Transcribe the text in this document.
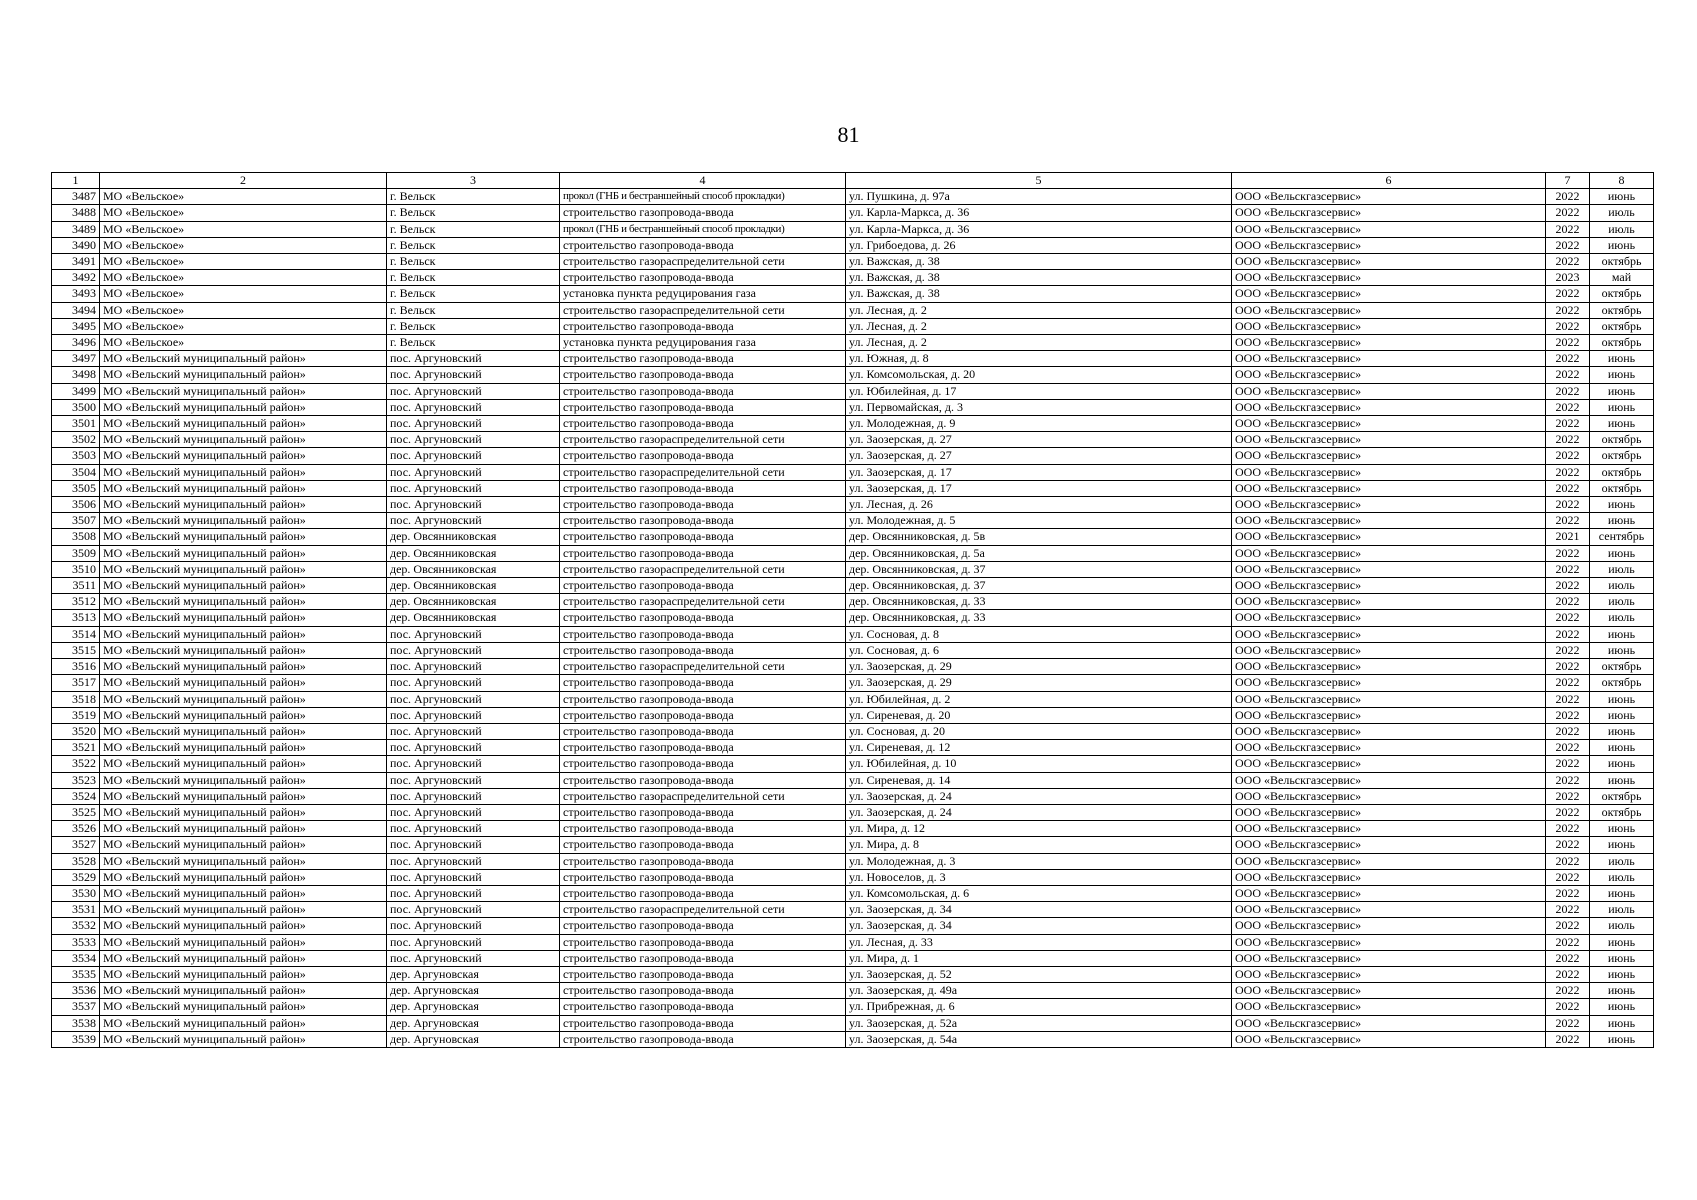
81
1	2	3	4	5	6	7	8
3487	МО «Вельское»	г. Вельск	прокол (ГНБ и бестраншейный способ прокладки)	ул. Пушкина, д. 97а	ООО «Вельскгазсервис»	2022	июнь
3488	МО «Вельское»	г. Вельск	строительство газопровода-ввода	ул. Карла-Маркса, д. 36	ООО «Вельскгазсервис»	2022	июль
3489	МО «Вельское»	г. Вельск	прокол (ГНБ и бестраншейный способ прокладки)	ул. Карла-Маркса, д. 36	ООО «Вельскгазсервис»	2022	июль
3490	МО «Вельское»	г. Вельск	строительство газопровода-ввода	ул. Грибоедова, д. 26	ООО «Вельскгазсервис»	2022	июнь
3491	МО «Вельское»	г. Вельск	строительство газораспределительной сети	ул. Важская, д. 38	ООО «Вельскгазсервис»	2022	октябрь
3492	МО «Вельское»	г. Вельск	строительство газопровода-ввода	ул. Важская, д. 38	ООО «Вельскгазсервис»	2023	май
3493	МО «Вельское»	г. Вельск	установка пункта редуцирования газа	ул. Важская, д. 38	ООО «Вельскгазсервис»	2022	октябрь
3494	МО «Вельское»	г. Вельск	строительство газораспределительной сети	ул. Лесная, д. 2	ООО «Вельскгазсервис»	2022	октябрь
3495	МО «Вельское»	г. Вельск	строительство газопровода-ввода	ул. Лесная, д. 2	ООО «Вельскгазсервис»	2022	октябрь
3496	МО «Вельское»	г. Вельск	установка пункта редуцирования газа	ул. Лесная, д. 2	ООО «Вельскгазсервис»	2022	октябрь
3497	МО «Вельский муниципальный район»	пос. Аргуновский	строительство газопровода-ввода	ул. Южная, д. 8	ООО «Вельскгазсервис»	2022	июнь
3498	МО «Вельский муниципальный район»	пос. Аргуновский	строительство газопровода-ввода	ул. Комсомольская, д. 20	ООО «Вельскгазсервис»	2022	июнь
3499	МО «Вельский муниципальный район»	пос. Аргуновский	строительство газопровода-ввода	ул. Юбилейная, д. 17	ООО «Вельскгазсервис»	2022	июнь
3500	МО «Вельский муниципальный район»	пос. Аргуновский	строительство газопровода-ввода	ул. Первомайская, д. 3	ООО «Вельскгазсервис»	2022	июнь
3501	МО «Вельский муниципальный район»	пос. Аргуновский	строительство газопровода-ввода	ул. Молодежная, д. 9	ООО «Вельскгазсервис»	2022	июнь
3502	МО «Вельский муниципальный район»	пос. Аргуновский	строительство газораспределительной сети	ул. Заозерская, д. 27	ООО «Вельскгазсервис»	2022	октябрь
3503	МО «Вельский муниципальный район»	пос. Аргуновский	строительство газопровода-ввода	ул. Заозерская, д. 27	ООО «Вельскгазсервис»	2022	октябрь
3504	МО «Вельский муниципальный район»	пос. Аргуновский	строительство газораспределительной сети	ул. Заозерская, д. 17	ООО «Вельскгазсервис»	2022	октябрь
3505	МО «Вельский муниципальный район»	пос. Аргуновский	строительство газопровода-ввода	ул. Заозерская, д. 17	ООО «Вельскгазсервис»	2022	октябрь
3506	МО «Вельский муниципальный район»	пос. Аргуновский	строительство газопровода-ввода	ул. Лесная, д. 26	ООО «Вельскгазсервис»	2022	июнь
3507	МО «Вельский муниципальный район»	пос. Аргуновский	строительство газопровода-ввода	ул. Молодежная, д. 5	ООО «Вельскгазсервис»	2022	июнь
3508	МО «Вельский муниципальный район»	дер. Овсянниковская	строительство газопровода-ввода	дер. Овсянниковская, д. 5в	ООО «Вельскгазсервис»	2021	сентябрь
3509	МО «Вельский муниципальный район»	дер. Овсянниковская	строительство газопровода-ввода	дер. Овсянниковская, д. 5а	ООО «Вельскгазсервис»	2022	июнь
3510	МО «Вельский муниципальный район»	дер. Овсянниковская	строительство газораспределительной сети	дер. Овсянниковская, д. 37	ООО «Вельскгазсервис»	2022	июль
3511	МО «Вельский муниципальный район»	дер. Овсянниковская	строительство газопровода-ввода	дер. Овсянниковская, д. 37	ООО «Вельскгазсервис»	2022	июль
3512	МО «Вельский муниципальный район»	дер. Овсянниковская	строительство газораспределительной сети	дер. Овсянниковская, д. 33	ООО «Вельскгазсервис»	2022	июль
3513	МО «Вельский муниципальный район»	дер. Овсянниковская	строительство газопровода-ввода	дер. Овсянниковская, д. 33	ООО «Вельскгазсервис»	2022	июль
3514	МО «Вельский муниципальный район»	пос. Аргуновский	строительство газопровода-ввода	ул. Сосновая, д. 8	ООО «Вельскгазсервис»	2022	июнь
3515	МО «Вельский муниципальный район»	пос. Аргуновский	строительство газопровода-ввода	ул. Сосновая, д. 6	ООО «Вельскгазсервис»	2022	июнь
3516	МО «Вельский муниципальный район»	пос. Аргуновский	строительство газораспределительной сети	ул. Заозерская, д. 29	ООО «Вельскгазсервис»	2022	октябрь
3517	МО «Вельский муниципальный район»	пос. Аргуновский	строительство газопровода-ввода	ул. Заозерская, д. 29	ООО «Вельскгазсервис»	2022	октябрь
3518	МО «Вельский муниципальный район»	пос. Аргуновский	строительство газопровода-ввода	ул. Юбилейная, д. 2	ООО «Вельскгазсервис»	2022	июнь
3519	МО «Вельский муниципальный район»	пос. Аргуновский	строительство газопровода-ввода	ул. Сиреневая, д. 20	ООО «Вельскгазсервис»	2022	июнь
3520	МО «Вельский муниципальный район»	пос. Аргуновский	строительство газопровода-ввода	ул. Сосновая, д. 20	ООО «Вельскгазсервис»	2022	июнь
3521	МО «Вельский муниципальный район»	пос. Аргуновский	строительство газопровода-ввода	ул. Сиреневая, д. 12	ООО «Вельскгазсервис»	2022	июнь
3522	МО «Вельский муниципальный район»	пос. Аргуновский	строительство газопровода-ввода	ул. Юбилейная, д. 10	ООО «Вельскгазсервис»	2022	июнь
3523	МО «Вельский муниципальный район»	пос. Аргуновский	строительство газопровода-ввода	ул. Сиреневая, д. 14	ООО «Вельскгазсервис»	2022	июнь
3524	МО «Вельский муниципальный район»	пос. Аргуновский	строительство газораспределительной сети	ул. Заозерская, д. 24	ООО «Вельскгазсервис»	2022	октябрь
3525	МО «Вельский муниципальный район»	пос. Аргуновский	строительство газопровода-ввода	ул. Заозерская, д. 24	ООО «Вельскгазсервис»	2022	октябрь
3526	МО «Вельский муниципальный район»	пос. Аргуновский	строительство газопровода-ввода	ул. Мира, д. 12	ООО «Вельскгазсервис»	2022	июнь
3527	МО «Вельский муниципальный район»	пос. Аргуновский	строительство газопровода-ввода	ул. Мира, д. 8	ООО «Вельскгазсервис»	2022	июнь
3528	МО «Вельский муниципальный район»	пос. Аргуновский	строительство газопровода-ввода	ул. Молодежная, д. 3	ООО «Вельскгазсервис»	2022	июль
3529	МО «Вельский муниципальный район»	пос. Аргуновский	строительство газопровода-ввода	ул. Новоселов, д. 3	ООО «Вельскгазсервис»	2022	июль
3530	МО «Вельский муниципальный район»	пос. Аргуновский	строительство газопровода-ввода	ул. Комсомольская, д. 6	ООО «Вельскгазсервис»	2022	июнь
3531	МО «Вельский муниципальный район»	пос. Аргуновский	строительство газораспределительной сети	ул. Заозерская, д. 34	ООО «Вельскгазсервис»	2022	июль
3532	МО «Вельский муниципальный район»	пос. Аргуновский	строительство газопровода-ввода	ул. Заозерская, д. 34	ООО «Вельскгазсервис»	2022	июль
3533	МО «Вельский муниципальный район»	пос. Аргуновский	строительство газопровода-ввода	ул. Лесная, д. 33	ООО «Вельскгазсервис»	2022	июнь
3534	МО «Вельский муниципальный район»	пос. Аргуновский	строительство газопровода-ввода	ул. Мира, д. 1	ООО «Вельскгазсервис»	2022	июнь
3535	МО «Вельский муниципальный район»	дер. Аргуновская	строительство газопровода-ввода	ул. Заозерская, д. 52	ООО «Вельскгазсервис»	2022	июнь
3536	МО «Вельский муниципальный район»	дер. Аргуновская	строительство газопровода-ввода	ул. Заозерская, д. 49а	ООО «Вельскгазсервис»	2022	июнь
3537	МО «Вельский муниципальный район»	дер. Аргуновская	строительство газопровода-ввода	ул. Прибрежная, д. 6	ООО «Вельскгазсервис»	2022	июнь
3538	МО «Вельский муниципальный район»	дер. Аргуновская	строительство газопровода-ввода	ул. Заозерская, д. 52а	ООО «Вельскгазсервис»	2022	июнь
3539	МО «Вельский муниципальный район»	дер. Аргуновская	строительство газопровода-ввода	ул. Заозерская, д. 54а	ООО «Вельскгазсервис»	2022	июнь
